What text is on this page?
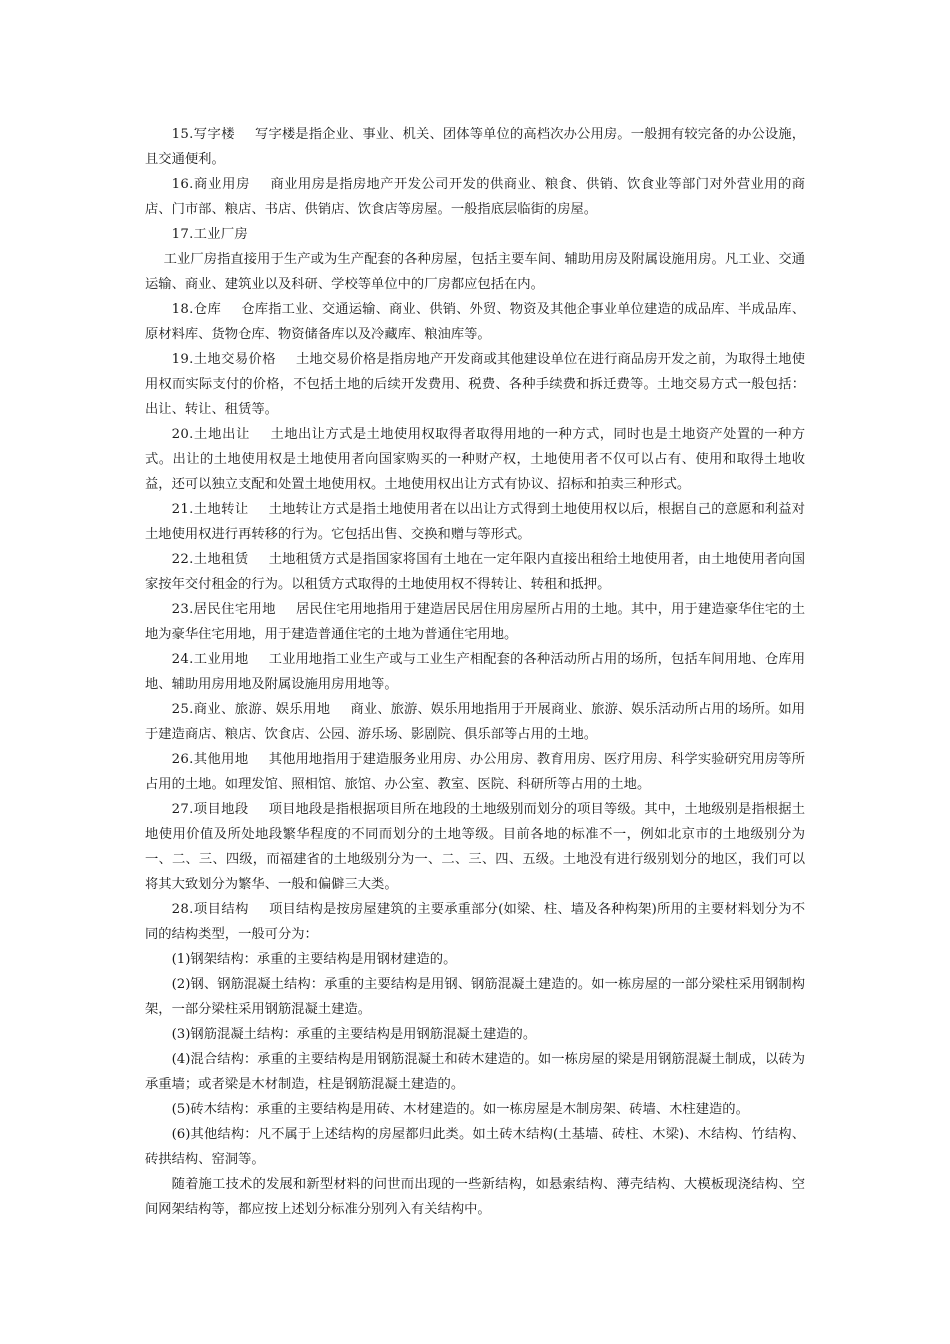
15.写字楼 写字楼是指企业、事业、机关、团体等单位的高档次办公用房。一般拥有较完备的办公设施，且交通便利。

16.商业用房 商业用房是指房地产开发公司开发的供商业、粮食、供销、饮食业等部门对外营业用的商店、门市部、粮店、书店、供销店、饮食店等房屋。一般指底层临街的房屋。

17.工业厂房

工业厂房指直接用于生产或为生产配套的各种房屋，包括主要车间、辅助用房及附属设施用房。凡工业、交通运输、商业、建筑业以及科研、学校等单位中的厂房都应包括在内。

18.仓库 仓库指工业、交通运输、商业、供销、外贸、物资及其他企事业单位建造的成品库、半成品库、原材料库、货物仓库、物资储备库以及冷藏库、粮油库等。

19.土地交易价格 土地交易价格是指房地产开发商或其他建设单位在进行商品房开发之前，为取得土地使用权而实际支付的价格，不包括土地的后续开发费用、税费、各种手续费和拆迁费等。土地交易方式一般包括：出让、转让、租赁等。

20.土地出让 土地出让方式是土地使用权取得者取得用地的一种方式，同时也是土地资产处置的一种方式。出让的土地使用权是土地使用者向国家购买的一种财产权，土地使用者不仅可以占有、使用和取得土地收益，还可以独立支配和处置土地使用权。土地使用权出让方式有协议、招标和拍卖三种形式。

21.土地转让 土地转让方式是指土地使用者在以出让方式得到土地使用权以后，根据自己的意愿和利益对土地使用权进行再转移的行为。它包括出售、交换和赠与等形式。

22.土地租赁 土地租赁方式是指国家将国有土地在一定年限内直接出租给土地使用者，由土地使用者向国家按年交付租金的行为。以租赁方式取得的土地使用权不得转让、转租和抵押。

23.居民住宅用地 居民住宅用地指用于建造居民居住用房屋所占用的土地。其中，用于建造豪华住宅的土地为豪华住宅用地，用于建造普通住宅的土地为普通住宅用地。

24.工业用地 工业用地指工业生产或与工业生产相配套的各种活动所占用的场所，包括车间用地、仓库用地、辅助用房用地及附属设施用房用地等。

25.商业、旅游、娱乐用地 商业、旅游、娱乐用地指用于开展商业、旅游、娱乐活动所占用的场所。如用于建造商店、粮店、饮食店、公园、游乐场、影剧院、俱乐部等占用的土地。

26.其他用地 其他用地指用于建造服务业用房、办公用房、教育用房、医疗用房、科学实验研究用房等所占用的土地。如理发馆、照相馆、旅馆、办公室、教室、医院、科研所等占用的土地。

27.项目地段 项目地段是指根据项目所在地段的土地级别而划分的项目等级。其中，土地级别是指根据土地使用价值及所处地段繁华程度的不同而划分的土地等级。目前各地的标准不一，例如北京市的土地级别分为一、二、三、四级，而福建省的土地级别分为一、二、三、四、五级。土地没有进行级别划分的地区，我们可以将其大致划分为繁华、一般和偏僻三大类。

28.项目结构 项目结构是按房屋建筑的主要承重部分(如梁、柱、墙及各种构架)所用的主要材料划分为不同的结构类型，一般可分为：

(1)钢架结构：承重的主要结构是用钢材建造的。

(2)钢、钢筋混凝土结构：承重的主要结构是用钢、钢筋混凝土建造的。如一栋房屋的一部分梁柱采用钢制构架，一部分梁柱采用钢筋混凝土建造。

(3)钢筋混凝土结构：承重的主要结构是用钢筋混凝土建造的。

(4)混合结构：承重的主要结构是用钢筋混凝土和砖木建造的。如一栋房屋的梁是用钢筋混凝土制成，以砖为承重墙；或者梁是木材制造，柱是钢筋混凝土建造的。

(5)砖木结构：承重的主要结构是用砖、木材建造的。如一栋房屋是木制房架、砖墙、木柱建造的。

(6)其他结构：凡不属于上述结构的房屋都归此类。如土砖木结构(土基墙、砖柱、木梁)、木结构、竹结构、砖拱结构、窑洞等。

随着施工技术的发展和新型材料的问世而出现的一些新结构，如悬索结构、薄壳结构、大模板现浇结构、空间网架结构等，都应按上述划分标准分别列入有关结构中。
